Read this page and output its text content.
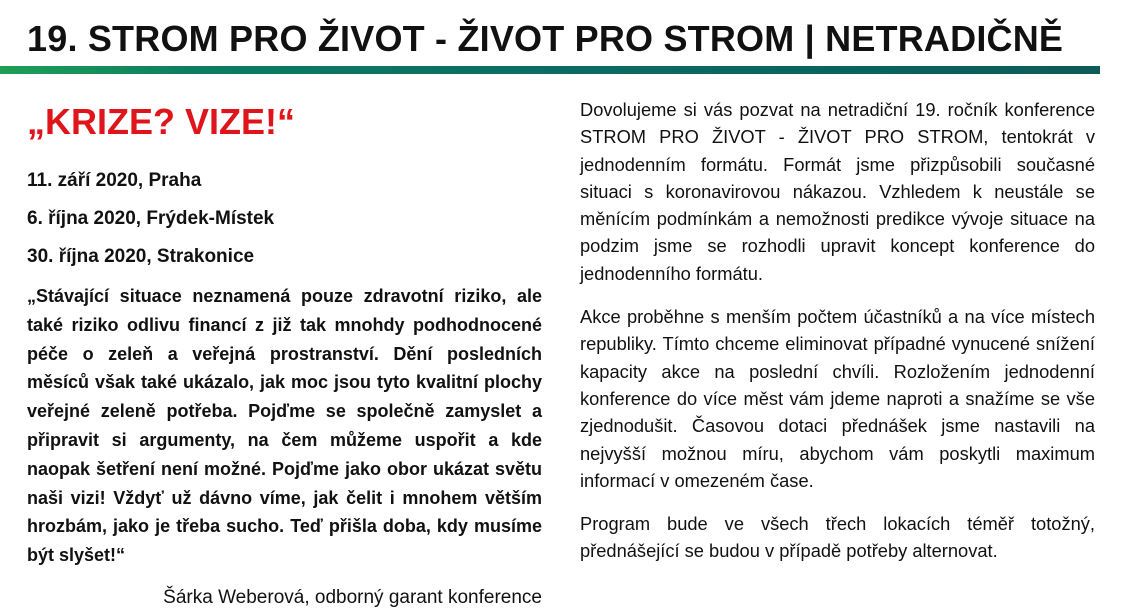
19. STROM PRO ŽIVOT - ŽIVOT PRO STROM | NETRADIČNĚ
„KRIZE? VIZE!“
11. září 2020, Praha
6. října 2020, Frýdek-Místek
30. října 2020, Strakonice

„Stávající situace neznamená pouze zdravotní riziko, ale také riziko odlivu financí z již tak mnohdy podhodnocené péče o zeleň a veřejná prostranství. Dění posledních měsíců však také ukázalo, jak moc jsou tyto kvalitní plochy veřejné zeleně potřeba. Pojďme se společně zamyslet a připravit si argumenty, na čem můžeme uspořit a kde naopak šetření není možné. Pojďme jako obor ukázat světu naši vizi! Vždyť už dávno víme, jak čelit i mnohem větším hrozbám, jako je třeba sucho. Teď přišla doba, kdy musíme být slyšet!“

Šárka Weberová, odborný garant konference

Dovolujeme si vás pozvat na netradiční 19. ročník konference STROM PRO ŽIVOT - ŽIVOT PRO STROM, tentokrát v jednodenním formátu. Formát jsme přizpůsobili současné situaci s koronavirovou nákazou. Vzhledem k neustále se měnícím podmínkám a nemožnosti predikce vývoje situace na podzim jsme se rozhodli upravit koncept konference do jednodenního formátu.

Akce proběhne s menším počtem účastníků a na více místech republiky. Tímto chceme eliminovat případné vynucené snížení kapacity akce na poslední chvíli. Rozložením jednodenní konference do více měst vám jdeme naproti a snažíme se vše zjednodušit. Časovou dotaci přednášek jsme nastavili na nejvyšší možnou míru, abychom vám poskytli maximum informací v omezeném čase.

Program bude ve všech třech lokacích téměř totožný, přednášející se budou v případě potřeby alternovat.
